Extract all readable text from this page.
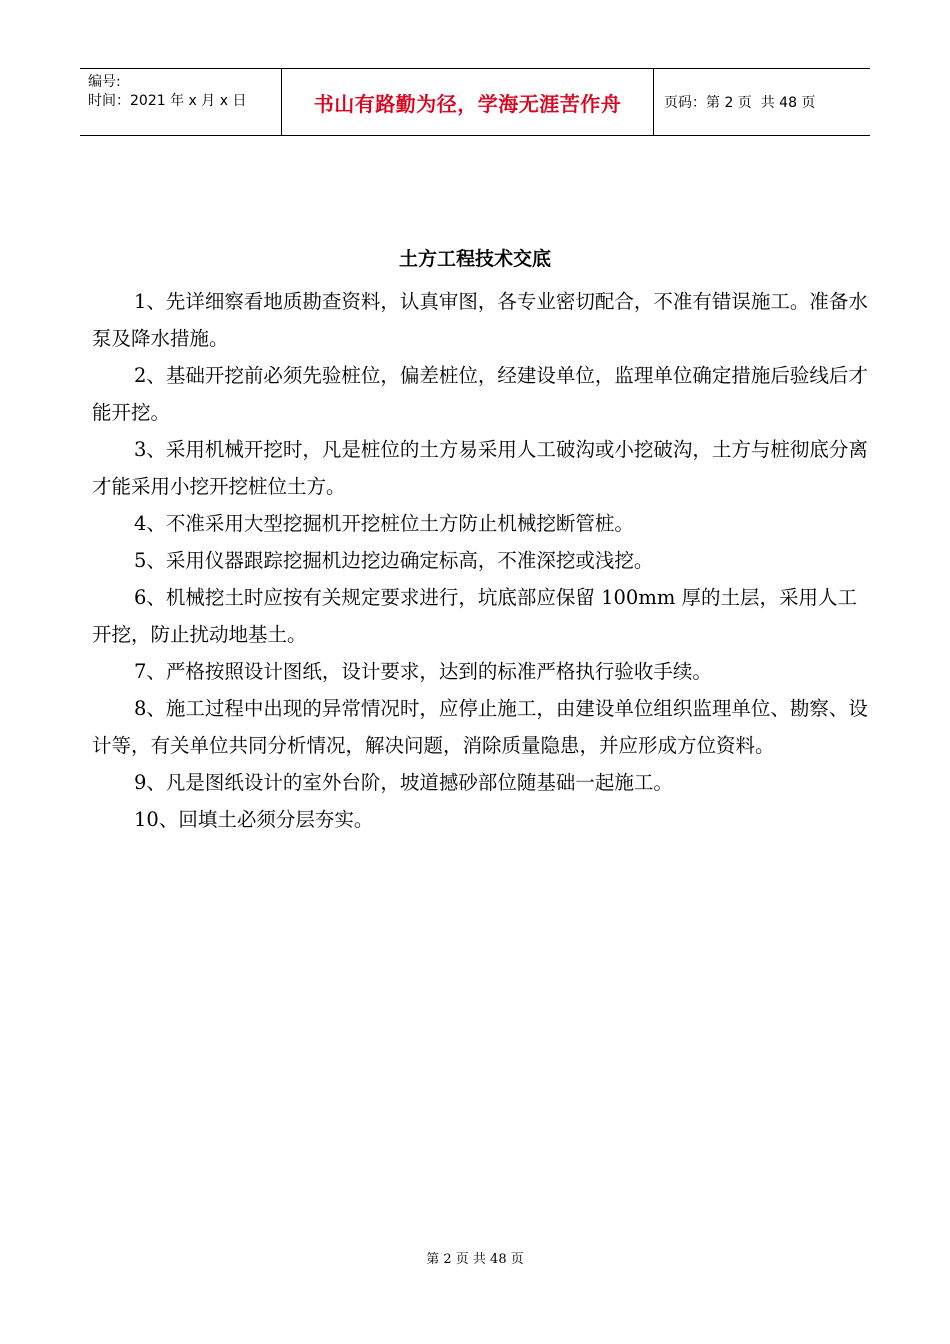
编号:
时间：2021 年 x 月 x 日	书山有路勤为径，学海无涯苦作舟	页码：第 2 页  共 48 页
土方工程技术交底

1、先详细察看地质勘查资料，认真审图，各专业密切配合，不准有错误施工。准备水泵及降水措施。

2、基础开挖前必须先验桩位，偏差桩位，经建设单位，监理单位确定措施后验线后才能开挖。

3、采用机械开挖时，凡是桩位的土方易采用人工破沟或小挖破沟，土方与桩彻底分离才能采用小挖开挖桩位土方。

4、不准采用大型挖掘机开挖桩位土方防止机械挖断管桩。

5、采用仪器跟踪挖掘机边挖边确定标高，不准深挖或浅挖。

6、机械挖土时应按有关规定要求进行，坑底部应保留 100mm 厚的土层，采用人工开挖，防止扰动地基土。

7、严格按照设计图纸，设计要求，达到的标准严格执行验收手续。

8、施工过程中出现的异常情况时，应停止施工，由建设单位组织监理单位、勘察、设计等，有关单位共同分析情况，解决问题，消除质量隐患，并应形成方位资料。

9、凡是图纸设计的室外台阶，坡道撼砂部位随基础一起施工。

10、回填土必须分层夯实。

第 2 页 共 48 页
